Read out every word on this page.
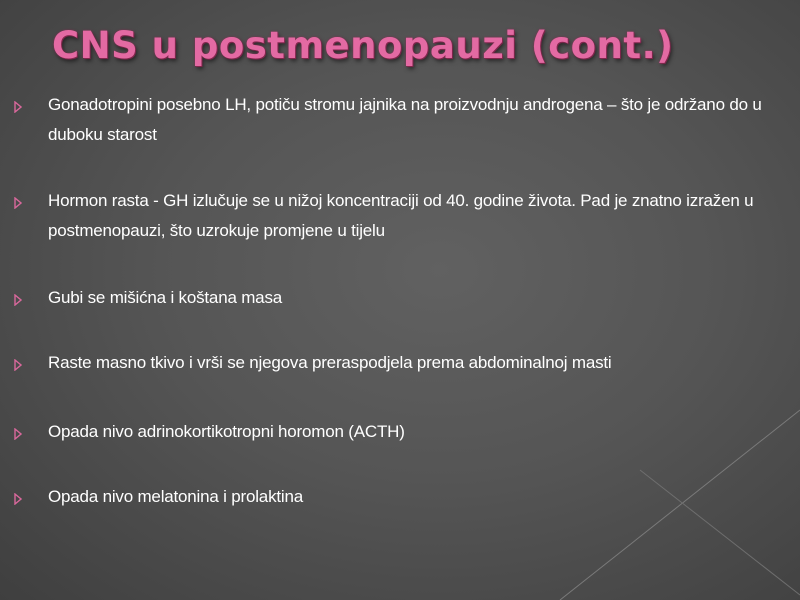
CNS u postmenopauzi (cont.)
Gonadotropini posebno LH, potiču stromu jajnika na proizvodnju androgena – što je održano do u duboku starost
Hormon rasta - GH izlučuje se u nižoj koncentraciji od 40. godine života. Pad je znatno izražen u postmenopauzi, što uzrokuje promjene u tijelu
Gubi se mišićna i koštana masa
Raste masno tkivo i vrši se njegova preraspodjela prema abdominalnoj masti
Opada nivo adrinokortikotropni horomon (ACTH)
Opada nivo melatonina i prolaktina
